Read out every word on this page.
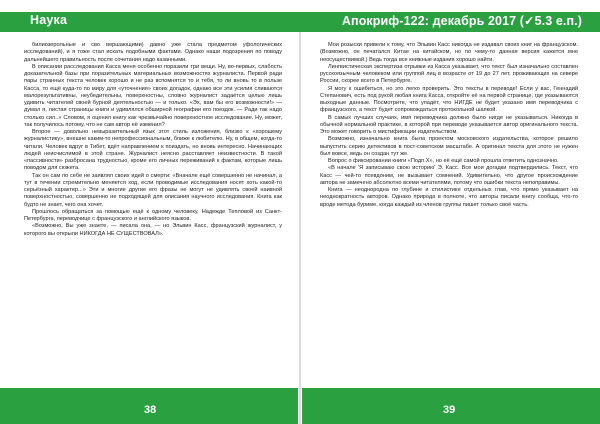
Наука	Апокриф-122: декабрь 2017 (✓5.3 e.п.)

билиозерольные и сво вершающими) давно уже стала предметом уфологических исследований), и я тоже стал искать подобными фактами. Однако наши подозрения по поводу дальнейшего правильность после сочетания надо казанными.

В описании расследования Касса меня особенно поразили три вещи. Ну, во-первых, слабость доказательной базы при поразительных материальных возможностях журналиста. Первой ради пары странных текста человек хорошо и не раз вспомнятся то и тебя, то ли вновь то в пользе Касса, то ещё куда-то по миру для «уточнения» своих догадок, однако все эти усилия сливаются малорезультативны, неубедительны, поверхностны, словно журналист задаётся целью лишь удивить читателей своей бурной деятельностью — и только. «Эх, вам бы его возможности!» — думал я, листая страницы книги и удивлялся обширной географии его поездок. — Ради так надо столько сил..» Словом, я оценил книгу как чрезвычайно поверхностное исследование. Ну, может, так получилось потому, что не сам автор её изменил?

Второе — довольно невыразительный язык этот стиль изложения, близко к «хорошему журналистику», внешне каким-то непрофессиональным, ближе к любителю. Ну, в общем, когда-то читали. Человек вдруг в Тибет, вдёт направлением к поиздать, но вновь интересно. Начинающих людей неисчислимой в этой стране. Журналист неясно расставляет неизвестности. В такой «пассивности» разбросана трудностью, кроме его личных переживаний к фактам, которые лишь поводом для сюжета.

Так он сам по себе не заявлял своих идей о смерти: «Вначале ещё совершенно не начинал, а тут в течении стремительно меняется ход, если проводимые исследования носят хоть какой-то серьёзный характер...» Эти и многие другие его фразы не могут не удивлять своей наивной поверхностностью, совершенно не подходящей для описания научного исследования. Книга как будто не знает, чего она хочет.

Прошлось обращаться за помощью ещё к одному человеку, Надежде Тепловой из Санкт-Петербурга, переводчице с французского и английского языков.

«Возможно, Вы уже знаете, — писала она, — но Эльвин Касс, французский журналист, у которого вы открыли НИКОГДА НЕ СУЩЕСТВОВАЛ».

Мои розыски привели к тому, что Эльвин Касс никогда не издавал своих книг на французском. (Возможно, он печатался Китае на китайском, но по чему-то данная версия кажется мне неосуществимой.) Ведь тогда все книжные издания хорошо найти.

Лингвистическая экспертиза отрывки из Касса указывает, что текст был изначально составлен русскоязычным человеком или группой лиц в возрасте от 19 до 27 лет, проживающих на севере России, скорее всего в Петербурге.

Я могу к ошибиться, но это легко проверить. Это тексты в переводе! Если у вас, Геннадий Степанович, есть под рукой любая книга Касса, откройте её на первой странице, где указываются выходные данные. Посмотрите, что упадёт, что НИГДЕ не будет указано имя переводчика с французского, а текст будет сопровождаться протокольной шапкой.

В самых лучших случаях, имя переводчика должно было нигде не указываться. Никогда в обычной нормальной практике, в которой при переводе указывается автор оригинального текста. Это может говорить о мистификации издательством.

Возможно, изначально книга была проектом московского издательства, которое решило выпустить серию детективов в пост-советском масштабе. А оригинал текста для этого не нужен был вовсе, ведь он создан тут же.

Вопрос о фиксировании книги «Подп.Х», но её ещё самой прошла ответить однозначно.

«В начале 'Я записываю свою историю' Э. Касс. Все мои догадки подтвердились. Текст, что Касс — чей-то псевдоним, не вызывает сомнений. Удивительно, что другое происхождение автора не замечено абсолютно всеми читателями, потому что ошибки текста непоправимы.

Книга — неоднородна по глубине и стилистике отдельных глав, что прямо указывает на неоднократность авторов. Однако природа в полноте, что авторы писали книгу сообща, что-то вроде метода буриме, когда каждый из членов группы пишет только своё часть.

38	39
